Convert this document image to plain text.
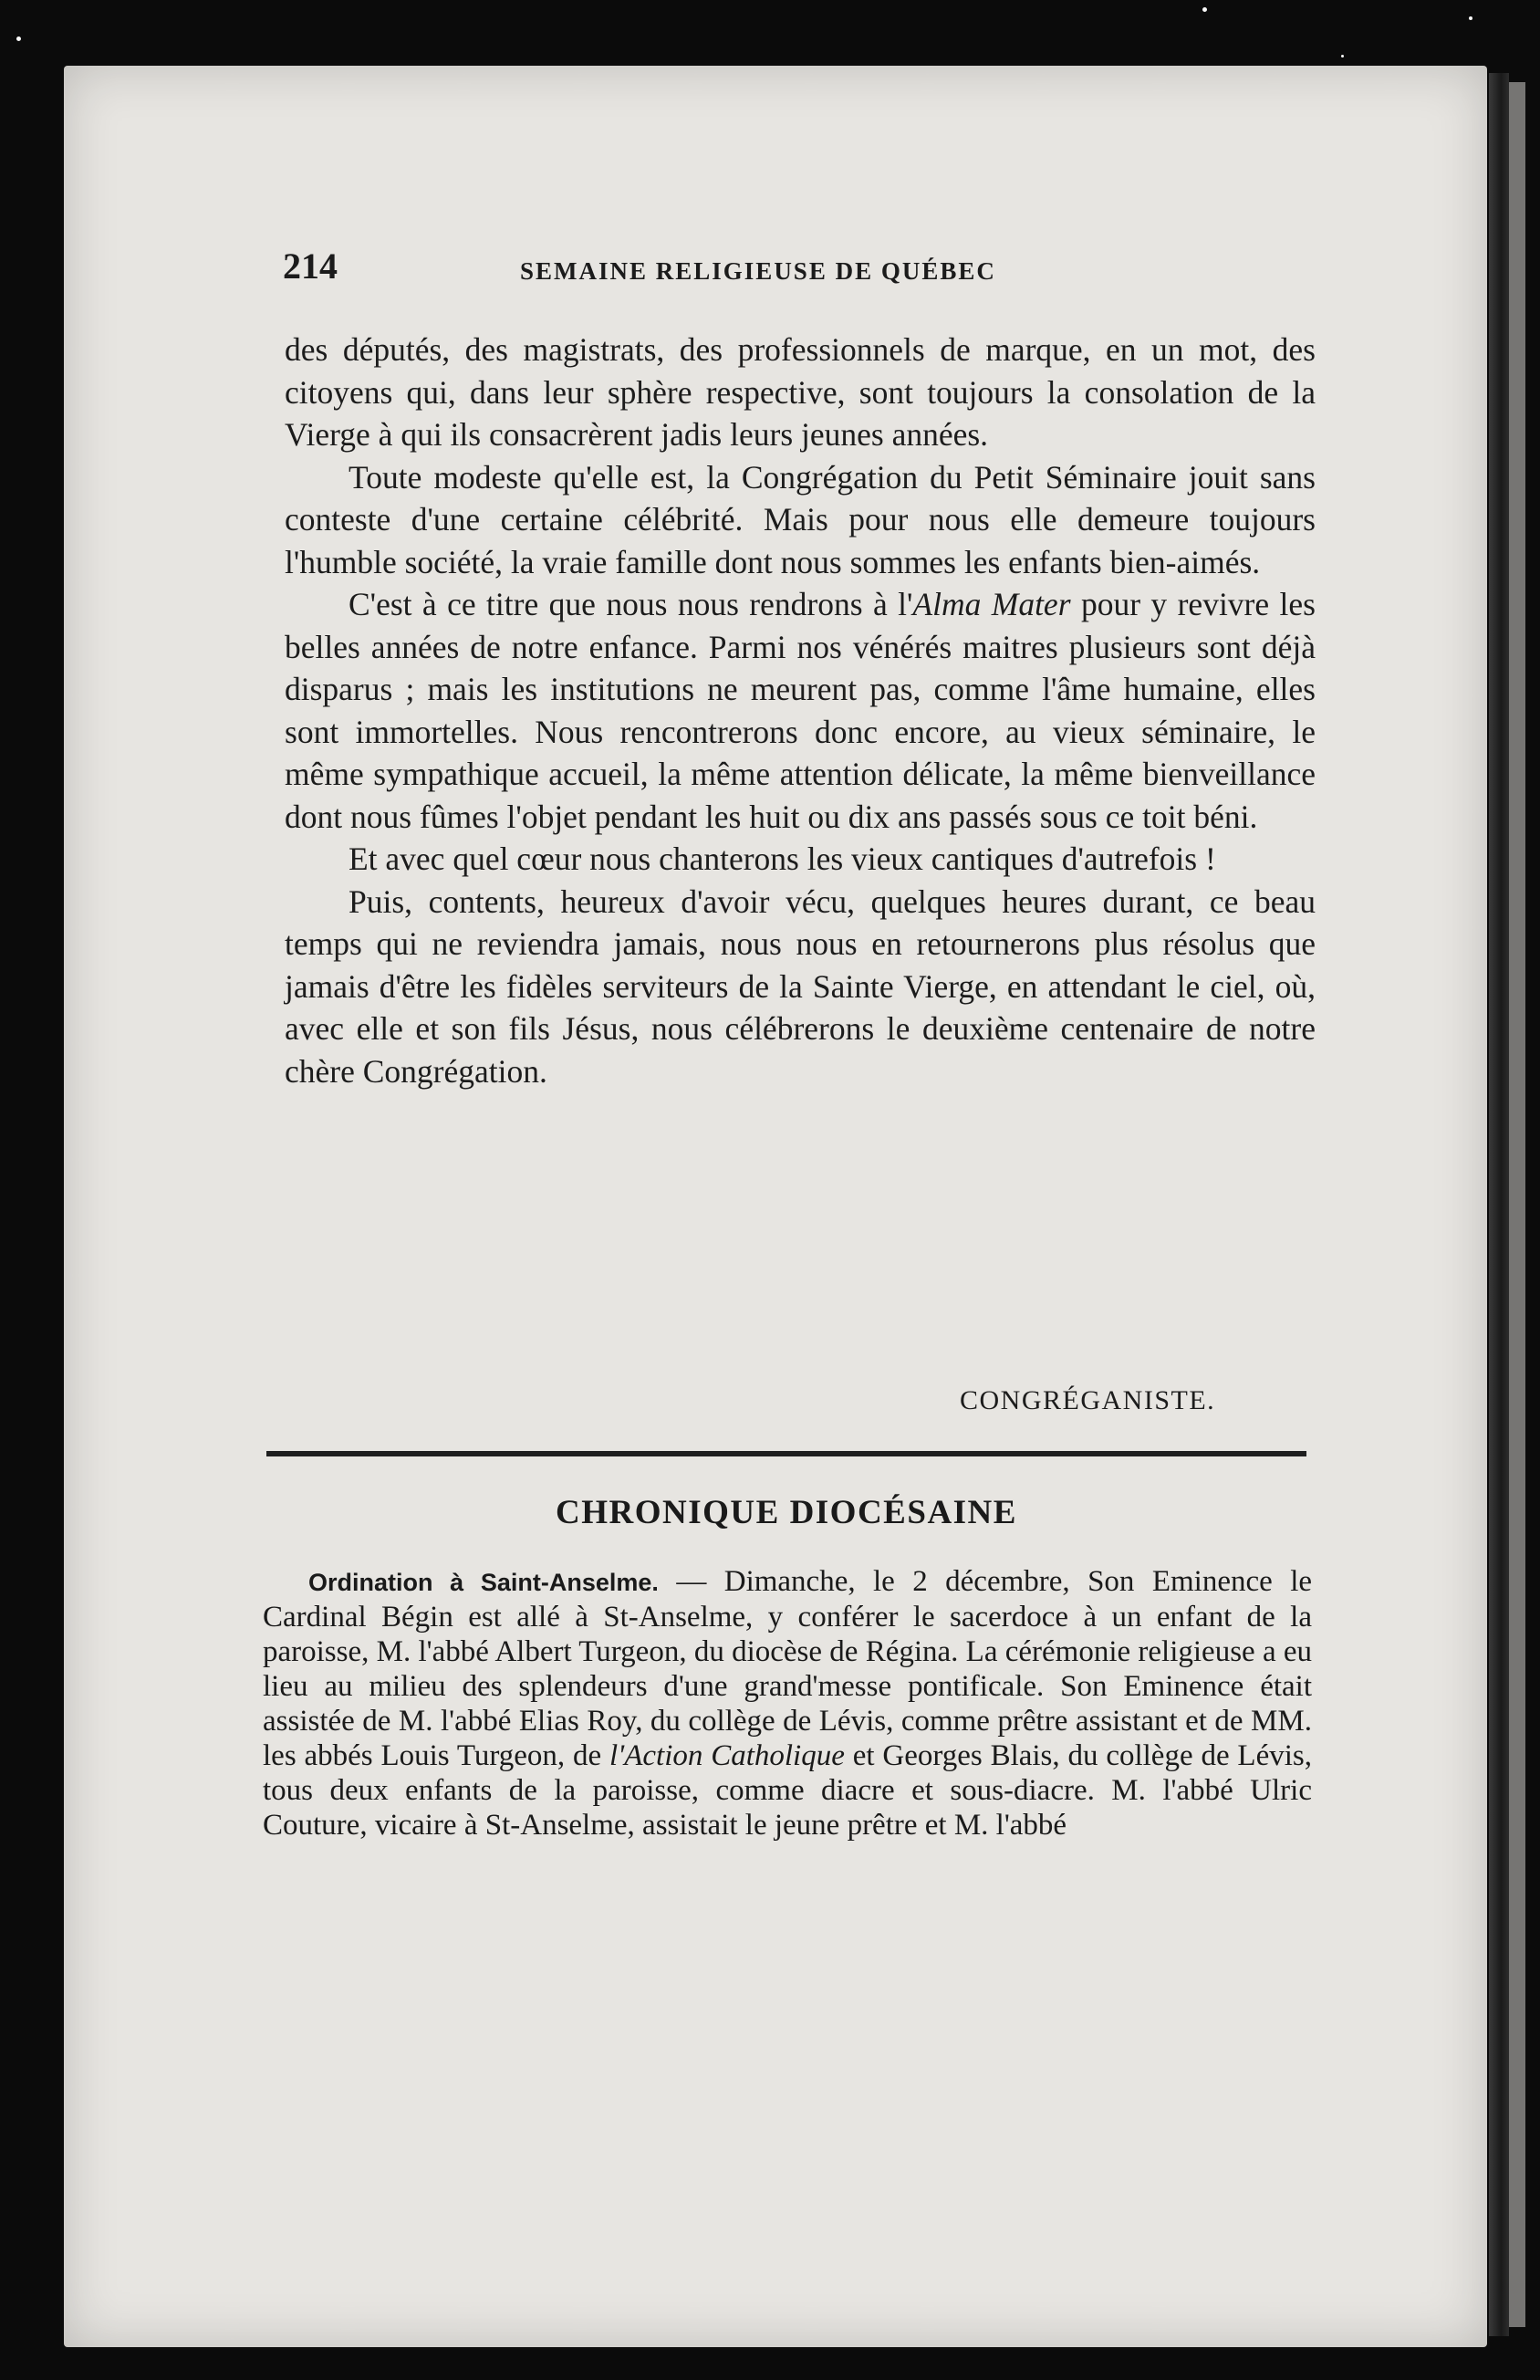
214	SEMAINE RELIGIEUSE DE QUÉBEC

des députés, des magistrats, des professionnels de marque, en un mot, des citoyens qui, dans leur sphère respective, sont toujours la consolation de la Vierge à qui ils consacrèrent jadis leurs jeunes années.

Toute modeste qu'elle est, la Congrégation du Petit Séminaire jouit sans conteste d'une certaine célébrité. Mais pour nous elle demeure toujours l'humble société, la vraie famille dont nous sommes les enfants bien-aimés.

C'est à ce titre que nous nous rendrons à l'Alma Mater pour y revivre les belles années de notre enfance. Parmi nos vénérés maitres plusieurs sont déjà disparus ; mais les institutions ne meurent pas, comme l'âme humaine, elles sont immortelles. Nous rencontrerons donc encore, au vieux séminaire, le même sympathique accueil, la même attention délicate, la même bienveillance dont nous fûmes l'objet pendant les huit ou dix ans passés sous ce toit béni.

Et avec quel cœur nous chanterons les vieux cantiques d'autrefois !

Puis, contents, heureux d'avoir vécu, quelques heures durant, ce beau temps qui ne reviendra jamais, nous nous en retournerons plus résolus que jamais d'être les fidèles serviteurs de la Sainte Vierge, en attendant le ciel, où, avec elle et son fils Jésus, nous célébrerons le deuxième centenaire de notre chère Congrégation.

CONGRÉGANISTE.
CHRONIQUE DIOCÉSAINE

Ordination à Saint-Anselme. — Dimanche, le 2 décembre, Son Eminence le Cardinal Bégin est allé à St-Anselme, y conférer le sacerdoce à un enfant de la paroisse, M. l'abbé Albert Turgeon, du diocèse de Régina. La cérémonie religieuse a eu lieu au milieu des splendeurs d'une grand'messe pontificale. Son Eminence était assistée de M. l'abbé Elias Roy, du collège de Lévis, comme prêtre assistant et de MM. les abbés Louis Turgeon, de l'Action Catholique et Georges Blais, du collège de Lévis, tous deux enfants de la paroisse, comme diacre et sous-diacre. M. l'abbé Ulric Couture, vicaire à St-Anselme, assistait le jeune prêtre et M. l'abbé
